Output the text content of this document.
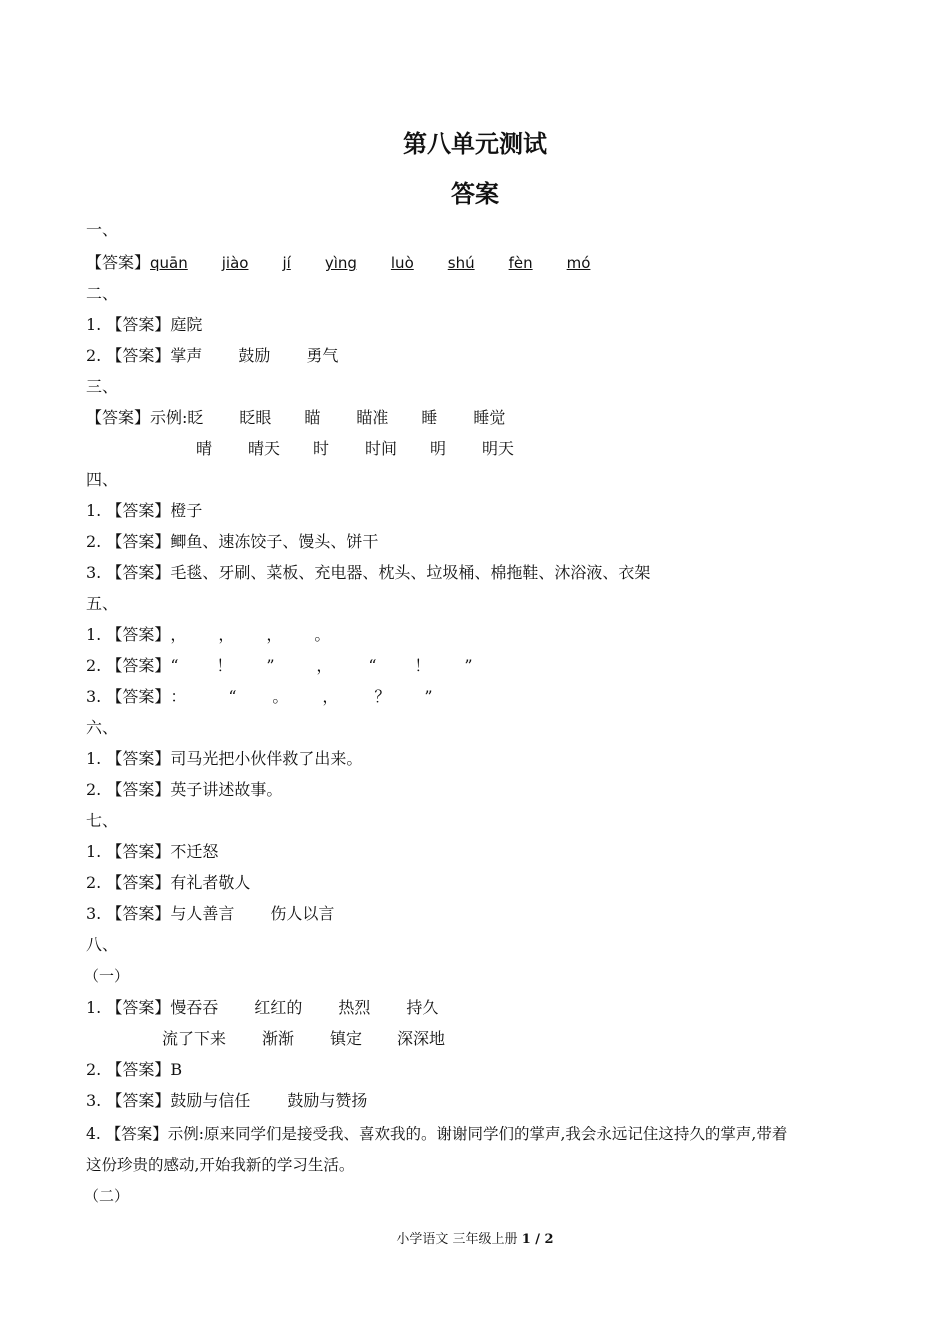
第八单元测试
答案
一、
【答案】quān jiào jí yìng luò shú fèn mó
二、
1. 【答案】庭院
2. 【答案】掌声 鼓励 勇气
三、
【答案】示例:眨 眨眼 瞄 瞄准 睡 睡觉
晴 晴天 时 时间 明 明天
四、
1. 【答案】橙子
2. 【答案】鲫鱼、速冻饺子、馒头、饼干
3. 【答案】毛毯、牙刷、菜板、充电器、枕头、垃圾桶、棉拖鞋、沐浴液、衣架
五、
1. 【答案】， ， ， 。
2. 【答案】“ ！ ”	， “ ！ ”
3. 【答案】：	“ 。 ， ？ ”
六、
1. 【答案】司马光把小伙伴救了出来。
2. 【答案】英子讲述故事。
七、
1. 【答案】不迁怒
2. 【答案】有礼者敬人
3. 【答案】与人善言 伤人以言
八、
（一）
1. 【答案】慢吞吞 红红的 热烈 持久
流了下来 渐渐 镇定 深深地
2. 【答案】B
3. 【答案】鼓励与信任 鼓励与赞扬
4. 【答案】示例:原来同学们是接受我、喜欢我的。谢谢同学们的掌声,我会永远记住这持久的掌声,带着
这份珍贵的感动,开始我新的学习生活。
（二）
小学语文 三年级上册 1 / 2
